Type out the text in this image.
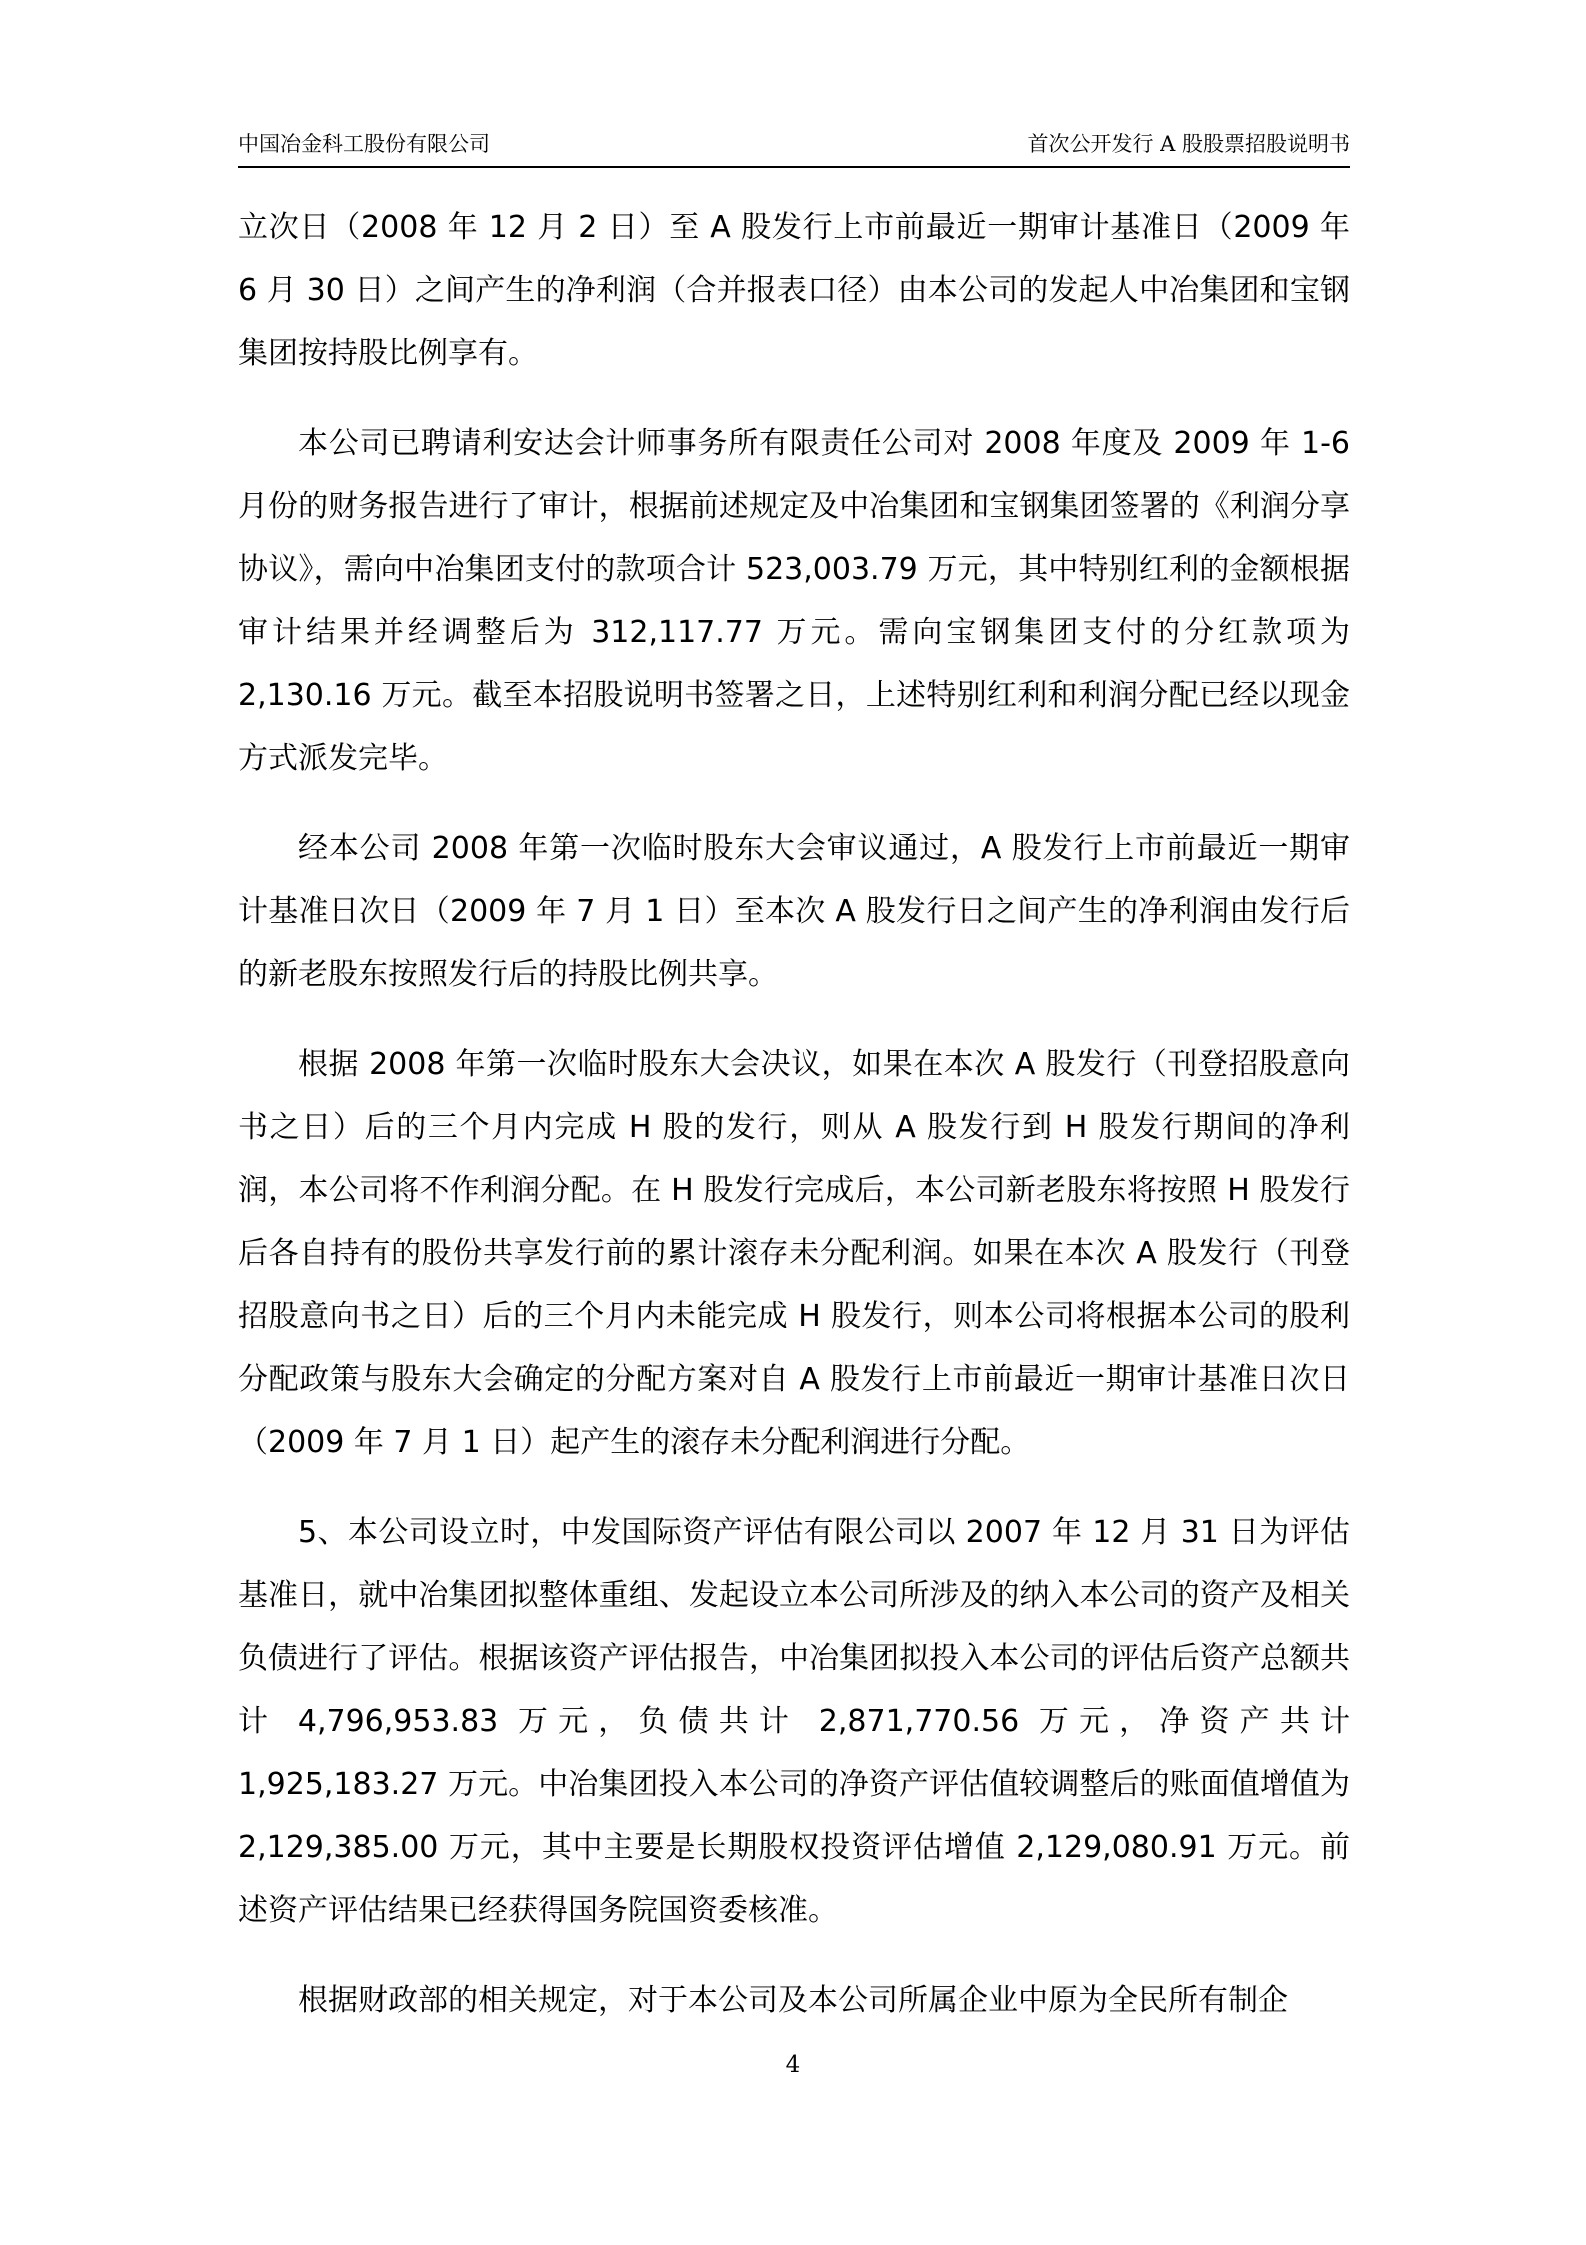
中国冶金科工股份有限公司	首次公开发行 A 股股票招股说明书

立次日（2008 年 12 月 2 日）至 A 股发行上市前最近一期审计基准日（2009 年 6 月 30 日）之间产生的净利润（合并报表口径）由本公司的发起人中冶集团和宝钢集团按持股比例享有。

本公司已聘请利安达会计师事务所有限责任公司对 2008 年度及 2009 年 1-6 月份的财务报告进行了审计，根据前述规定及中冶集团和宝钢集团签署的《利润分享协议》，需向中冶集团支付的款项合计 523,003.79 万元，其中特别红利的金额根据审计结果并经调整后为 312,117.77 万元。需向宝钢集团支付的分红款项为 2,130.16 万元。截至本招股说明书签署之日，上述特别红利和利润分配已经以现金方式派发完毕。

经本公司 2008 年第一次临时股东大会审议通过，A 股发行上市前最近一期审计基准日次日（2009 年 7 月 1 日）至本次 A 股发行日之间产生的净利润由发行后的新老股东按照发行后的持股比例共享。

根据 2008 年第一次临时股东大会决议，如果在本次 A 股发行（刊登招股意向书之日）后的三个月内完成 H 股的发行，则从 A 股发行到 H 股发行期间的净利润，本公司将不作利润分配。在 H 股发行完成后，本公司新老股东将按照 H 股发行后各自持有的股份共享发行前的累计滚存未分配利润。如果在本次 A 股发行（刊登招股意向书之日）后的三个月内未能完成 H 股发行，则本公司将根据本公司的股利分配政策与股东大会确定的分配方案对自 A 股发行上市前最近一期审计基准日次日（2009 年 7 月 1 日）起产生的滚存未分配利润进行分配。

5、本公司设立时，中发国际资产评估有限公司以 2007 年 12 月 31 日为评估基准日，就中冶集团拟整体重组、发起设立本公司所涉及的纳入本公司的资产及相关负债进行了评估。根据该资产评估报告，中冶集团拟投入本公司的评估后资产总额共计 4,796,953.83 万元，负债共计 2,871,770.56 万元，净资产共计 1,925,183.27 万元。中冶集团投入本公司的净资产评估值较调整后的账面值增值为 2,129,385.00 万元，其中主要是长期股权投资评估增值 2,129,080.91 万元。前述资产评估结果已经获得国务院国资委核准。

根据财政部的相关规定，对于本公司及本公司所属企业中原为全民所有制企

4
